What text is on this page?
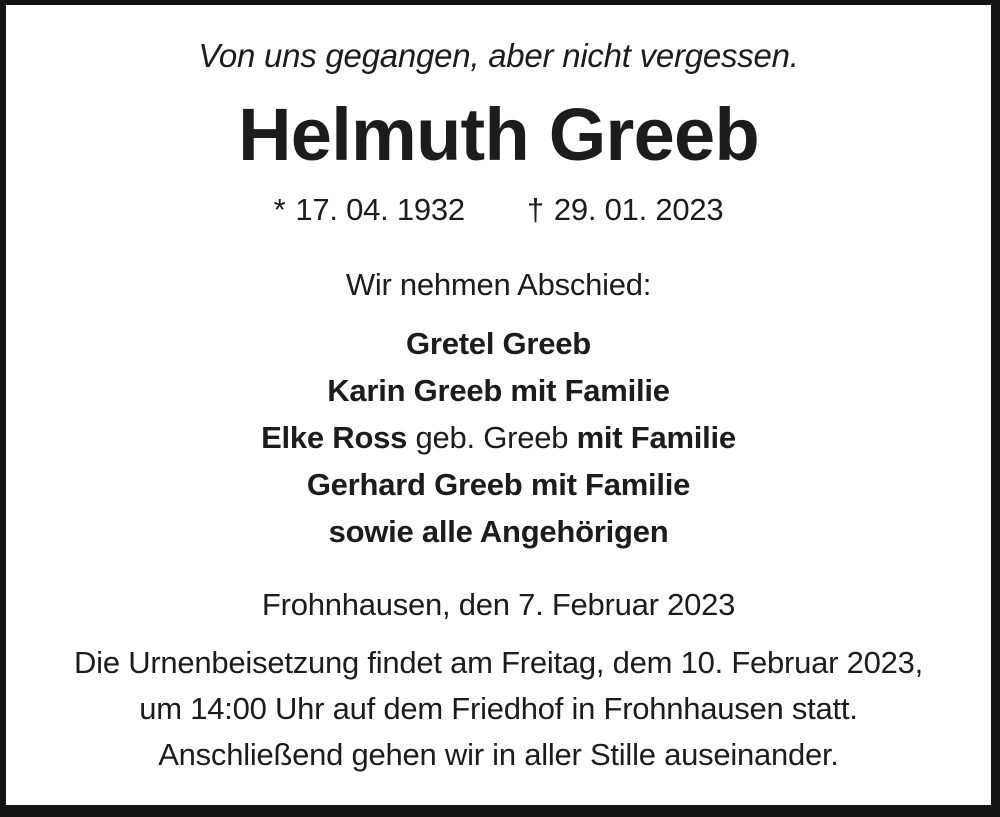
Von uns gegangen, aber nicht vergessen.
Helmuth Greeb
* 17. 04. 1932 † 29. 01. 2023
Wir nehmen Abschied:
Gretel Greeb
Karin Greeb mit Familie
Elke Ross geb. Greeb mit Familie
Gerhard Greeb mit Familie
sowie alle Angehörigen
Frohnhausen, den 7. Februar 2023
Die Urnenbeisetzung findet am Freitag, dem 10. Februar 2023,
um 14:00 Uhr auf dem Friedhof in Frohnhausen statt.
Anschließend gehen wir in aller Stille auseinander.
